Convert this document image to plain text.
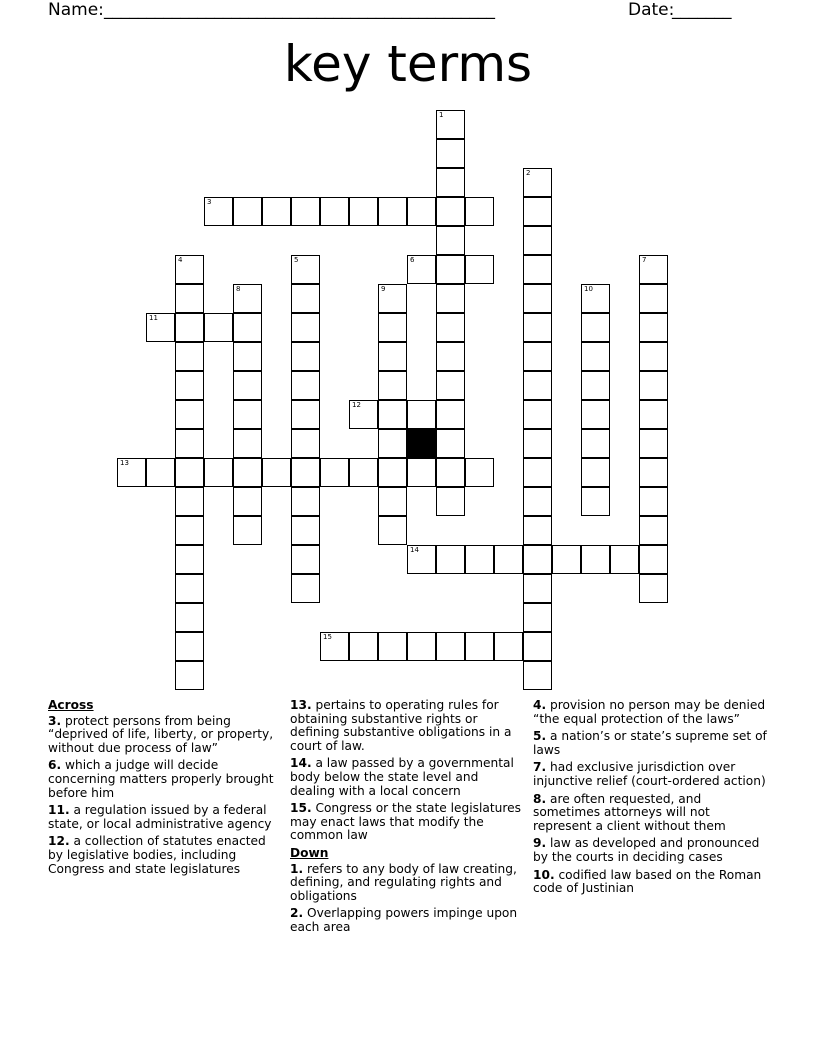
Name: ______________________________________________	Date:
_______
key terms
3
6
11
12
13
14
15
1
2
4	5	7
8	9	10
Across
3. protect persons from being “deprived of life, liberty, or property, without due process of law”
6. which a judge will decide concerning matters properly brought before him
11. a regulation issued by a federal state, or local administrative agency
12. a collection of statutes enacted by legislative bodies, including Congress and state legislatures
13. pertains to operating rules for obtaining substantive rights or defining substantive obligations in a court of law.
14. a law passed by a governmental body below the state level and dealing with a local concern
15. Congress or the state legislatures may enact laws that modify the common law
Down
1. refers to any body of law creating, defining, and regulating rights and obligations
2. Overlapping powers impinge upon each area
4. provision no person may be denied “the equal protection of the laws”
5. a nation’s or state’s supreme set of laws
7. had exclusive jurisdiction over injunctive relief (court-ordered action)
8. are often requested, and sometimes attorneys will not represent a client without them
9. law as developed and pronounced by the courts in deciding cases
10. codified law based on the Roman code of Justinian
